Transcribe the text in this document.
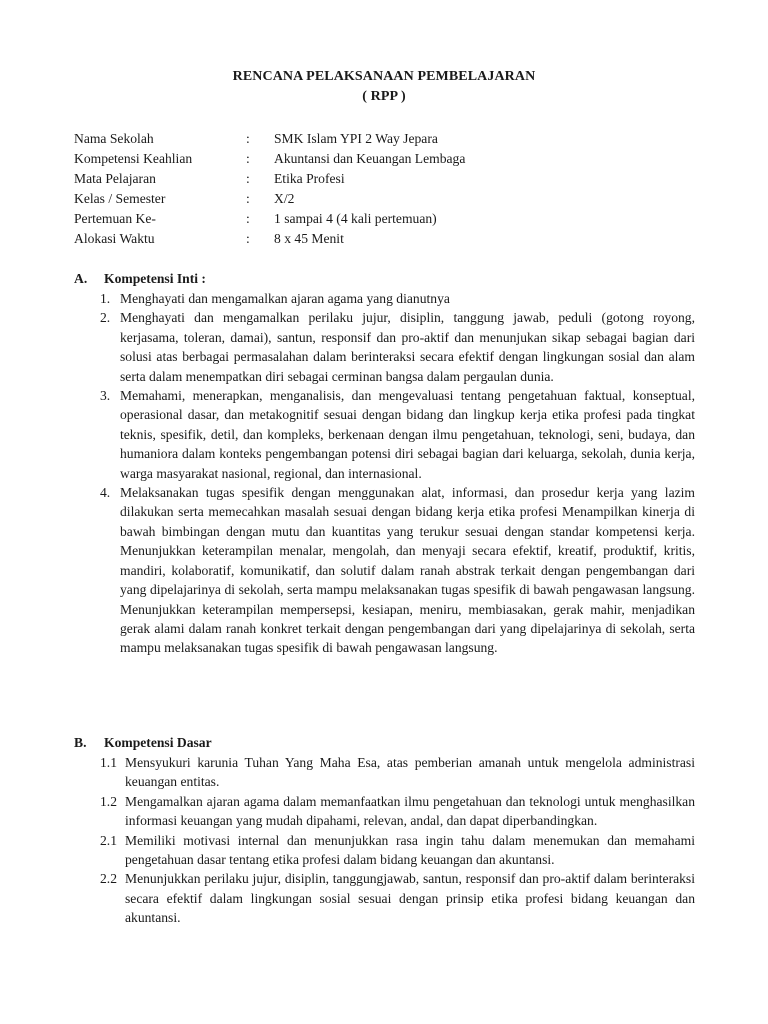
RENCANA PELAKSANAAN PEMBELAJARAN
( RPP )
Nama Sekolah	: SMK Islam YPI 2 Way Jepara
Kompetensi Keahlian	: Akuntansi dan Keuangan Lembaga
Mata Pelajaran	: Etika Profesi
Kelas / Semester	: X/2
Pertemuan Ke-	: 1 sampai 4 (4 kali pertemuan)
Alokasi Waktu	: 8 x 45 Menit
A. Kompetensi Inti :
1. Menghayati dan mengamalkan ajaran agama yang dianutnya
2. Menghayati dan mengamalkan perilaku jujur, disiplin, tanggung jawab, peduli (gotong royong, kerjasama, toleran, damai), santun, responsif dan pro-aktif dan menunjukan sikap sebagai bagian dari solusi atas berbagai permasalahan dalam berinteraksi secara efektif dengan lingkungan sosial dan alam serta dalam menempatkan diri sebagai cerminan bangsa dalam pergaulan dunia.
3. Memahami, menerapkan, menganalisis, dan mengevaluasi tentang pengetahuan faktual, konseptual, operasional dasar, dan metakognitif sesuai dengan bidang dan lingkup kerja etika profesi pada tingkat teknis, spesifik, detil, dan kompleks, berkenaan dengan ilmu pengetahuan, teknologi, seni, budaya, dan humaniora dalam konteks pengembangan potensi diri sebagai bagian dari keluarga, sekolah, dunia kerja, warga masyarakat nasional, regional, dan internasional.
4. Melaksanakan tugas spesifik dengan menggunakan alat, informasi, dan prosedur kerja yang lazim dilakukan serta memecahkan masalah sesuai dengan bidang kerja etika profesi Menampilkan kinerja di bawah bimbingan dengan mutu dan kuantitas yang terukur sesuai dengan standar kompetensi kerja. Menunjukkan keterampilan menalar, mengolah, dan menyaji secara efektif, kreatif, produktif, kritis, mandiri, kolaboratif, komunikatif, dan solutif dalam ranah abstrak terkait dengan pengembangan dari yang dipelajarinya di sekolah, serta mampu melaksanakan tugas spesifik di bawah pengawasan langsung. Menunjukkan keterampilan mempersepsi, kesiapan, meniru, membiasakan, gerak mahir, menjadikan gerak alami dalam ranah konkret terkait dengan pengembangan dari yang dipelajarinya di sekolah, serta mampu melaksanakan tugas spesifik di bawah pengawasan langsung.
B. Kompetensi Dasar
1.1 Mensyukuri karunia Tuhan Yang Maha Esa, atas pemberian amanah untuk mengelola administrasi keuangan entitas.
1.2 Mengamalkan ajaran agama dalam memanfaatkan ilmu pengetahuan dan teknologi untuk menghasilkan informasi keuangan yang mudah dipahami, relevan, andal, dan dapat diperbandingkan.
2.1 Memiliki motivasi internal dan menunjukkan rasa ingin tahu dalam menemukan dan memahami pengetahuan dasar tentang etika profesi dalam bidang keuangan dan akuntansi.
2.2 Menunjukkan perilaku jujur, disiplin, tanggungjawab, santun, responsif dan pro-aktif dalam berinteraksi secara efektif dalam lingkungan sosial sesuai dengan prinsip etika profesi bidang keuangan dan akuntansi.
